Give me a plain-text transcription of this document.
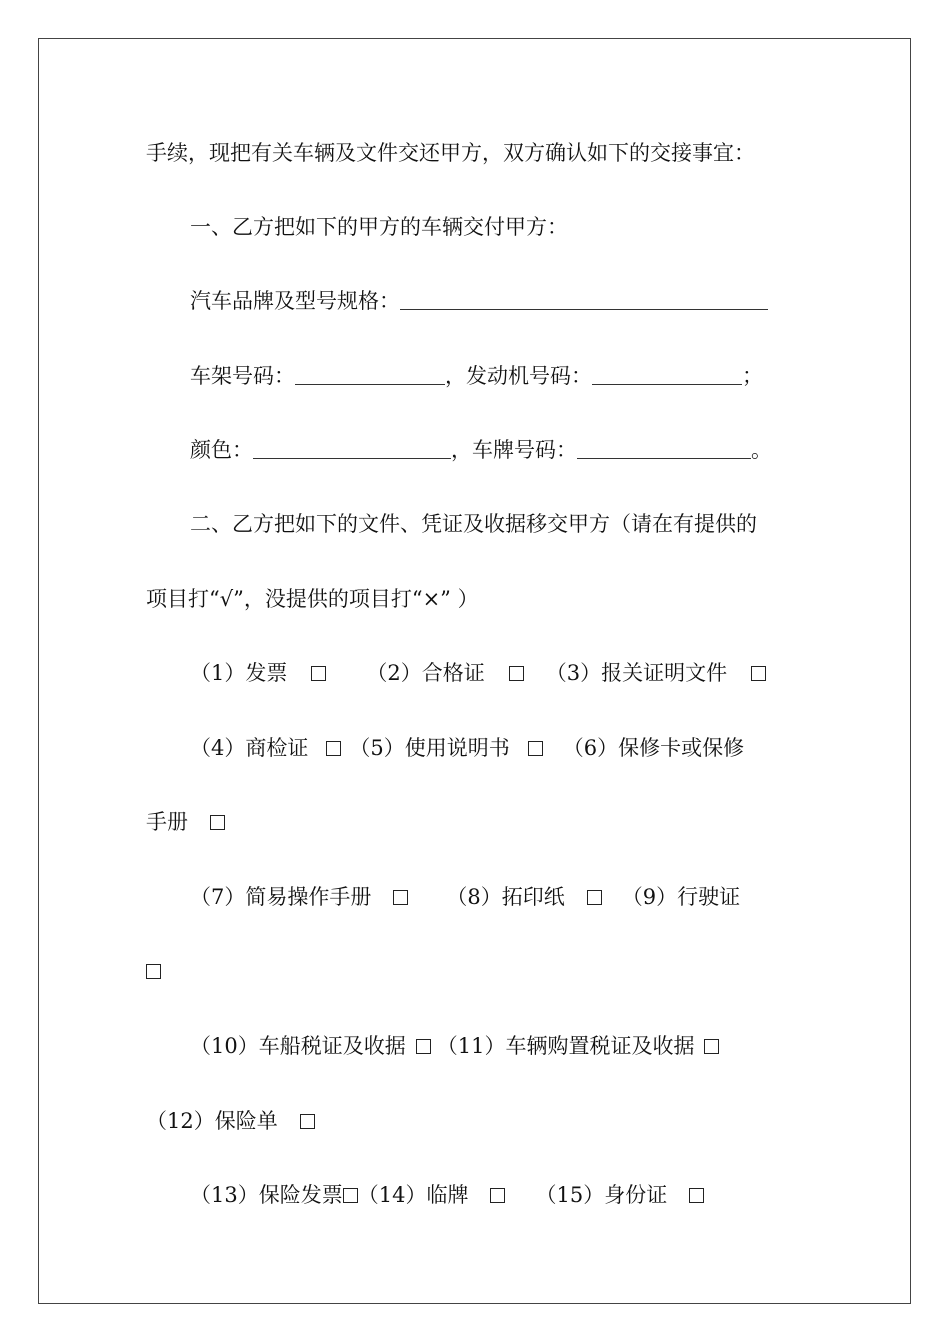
手续，现把有关车辆及文件交还甲方，双方确认如下的交接事宜：
一、乙方把如下的甲方的车辆交付甲方：
汽车品牌及型号规格：
车架号码：	，发动机号码：	；
颜色：	，车牌号码：	。
二、乙方把如下的文件、凭证及收据移交甲方（请在有提供的
项目打“√”，没提供的项目打“×” ）
（1）发票	（2）合格证	（3）报关证明文件
（4）商检证 （5）使用说明书	（6）保修卡或保修
手册
（7）简易操作手册	（8）拓印纸	（9）行驶证
（10）车船税证及收据 （11）车辆购置税证及收据
（12）保险单
（13）保险发票 （14）临牌	（15）身份证
